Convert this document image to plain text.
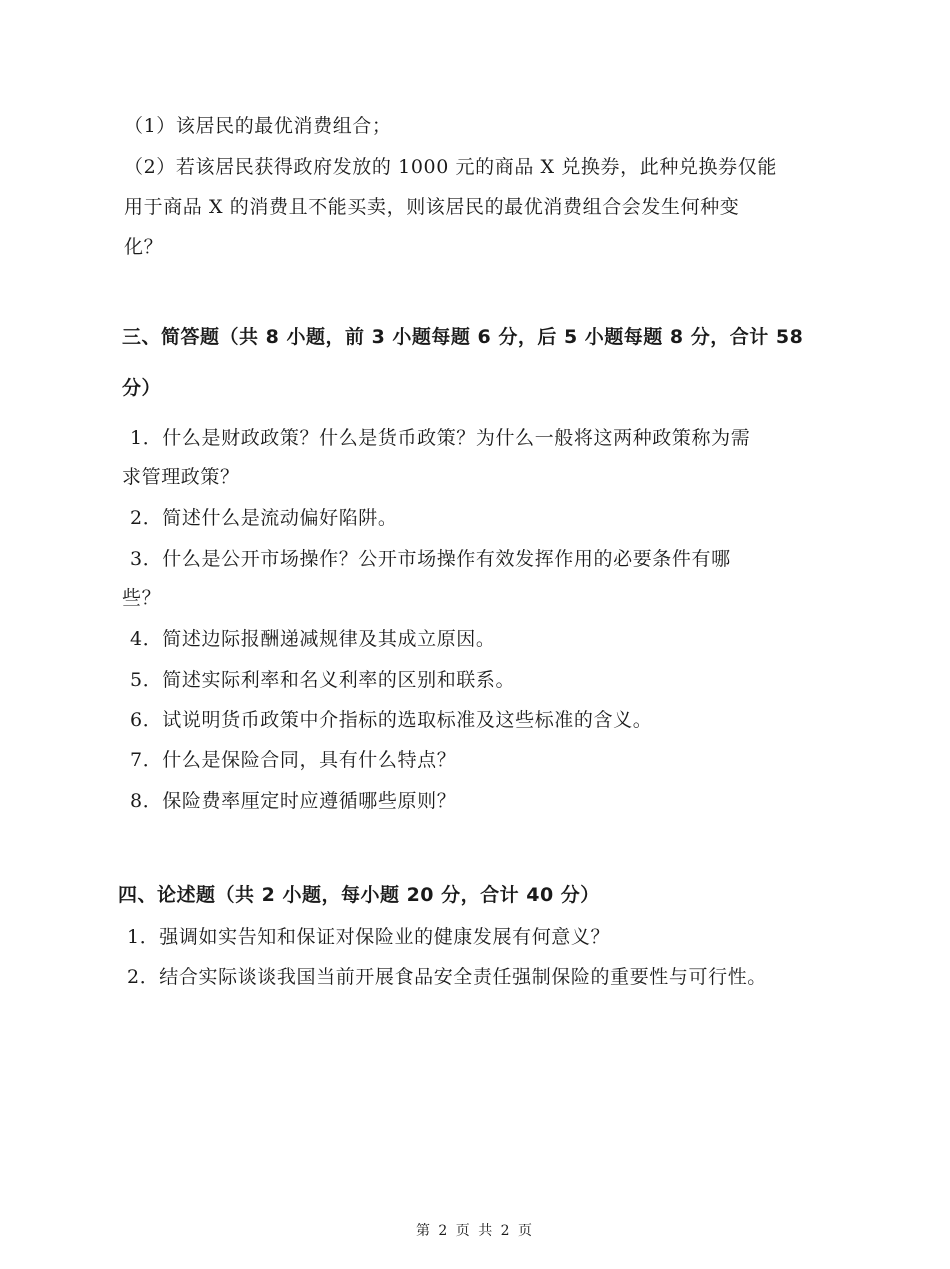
（1）该居民的最优消费组合；
（2）若该居民获得政府发放的 1000 元的商品 X 兑换券，此种兑换券仅能
用于商品 X 的消费且不能买卖，则该居民的最优消费组合会发生何种变
化？
三、简答题（共 8 小题，前 3 小题每题 6 分，后 5 小题每题 8 分，合计 58
分）
1．什么是财政政策？什么是货币政策？为什么一般将这两种政策称为需
求管理政策？
2．简述什么是流动偏好陷阱。
3．什么是公开市场操作？公开市场操作有效发挥作用的必要条件有哪
些？
4．简述边际报酬递减规律及其成立原因。
5．简述实际利率和名义利率的区别和联系。
6．试说明货币政策中介指标的选取标准及这些标准的含义。
7．什么是保险合同，具有什么特点？
8．保险费率厘定时应遵循哪些原则？
四、论述题（共 2 小题，每小题 20 分，合计 40 分）
1．强调如实告知和保证对保险业的健康发展有何意义？
2．结合实际谈谈我国当前开展食品安全责任强制保险的重要性与可行性。
第 2 页 共 2 页
